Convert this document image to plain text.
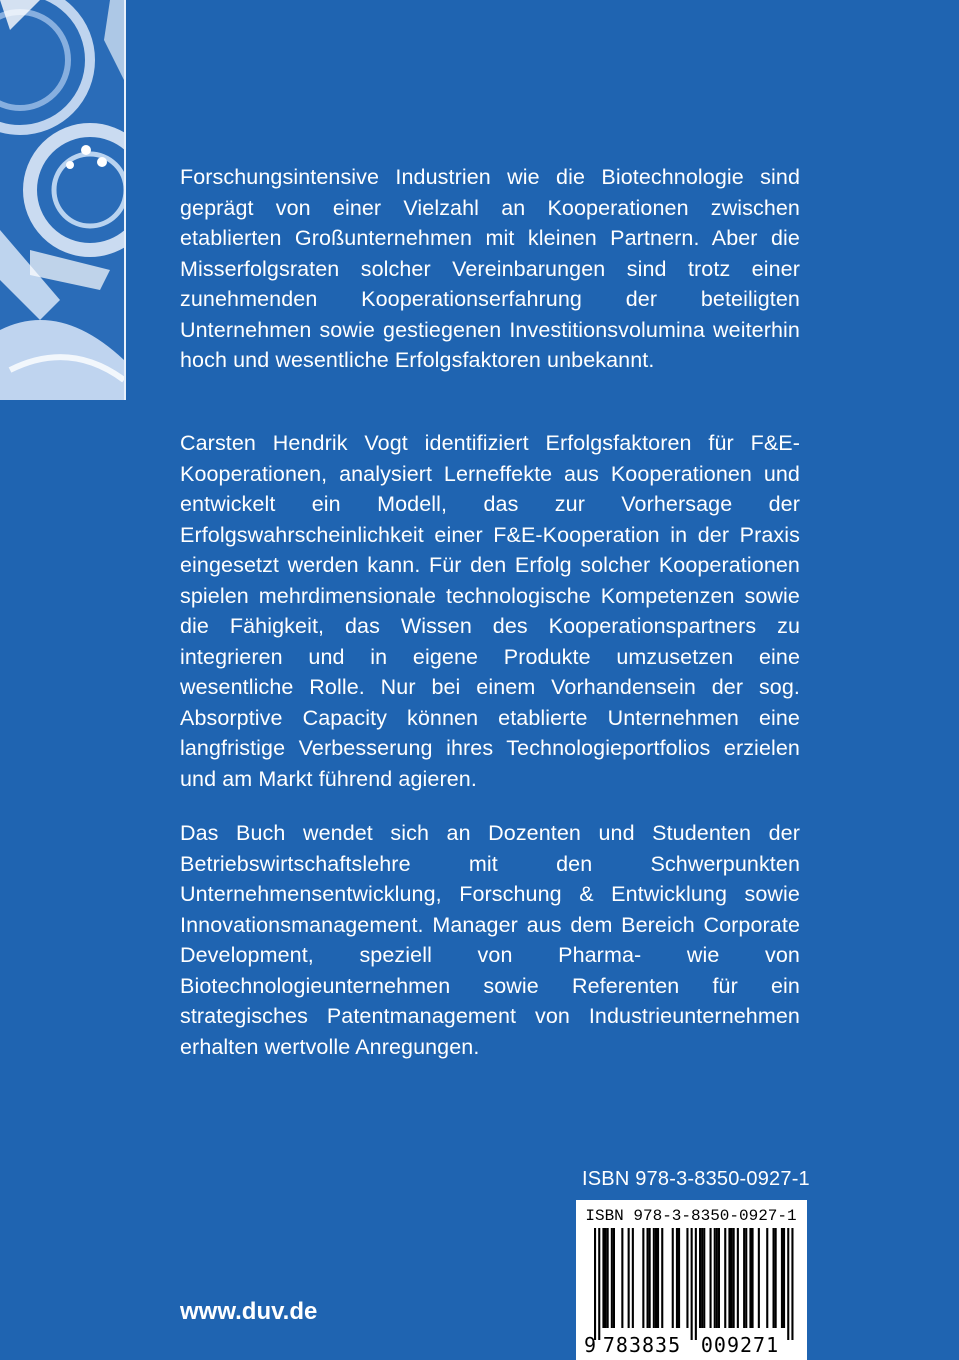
Forschungsintensive Industrien wie die Biotechnologie sind geprägt von einer Vielzahl an Kooperationen zwischen etablierten Großunternehmen mit kleinen Partnern. Aber die Misserfolgsraten solcher Vereinbarungen sind trotz einer zunehmenden Kooperationserfahrung der beteiligten Unternehmen sowie gestiegenen Investitionsvolumina weiterhin hoch und wesentliche Erfolgsfaktoren unbekannt.

Carsten Hendrik Vogt identifiziert Erfolgsfaktoren für F&E-Kooperationen, analysiert Lerneffekte aus Kooperationen und entwickelt ein Modell, das zur Vorhersage der Erfolgswahrscheinlichkeit einer F&E-Kooperation in der Praxis eingesetzt werden kann. Für den Erfolg solcher Kooperationen spielen mehrdimensionale technologische Kompetenzen sowie die Fähigkeit, das Wissen des Kooperationspartners zu integrieren und in eigene Produkte umzusetzen eine wesentliche Rolle. Nur bei einem Vorhandensein der sog. Absorptive Capacity können etablierte Unternehmen eine langfristige Verbesserung ihres Technologieportfolios erzielen und am Markt führend agieren.

Das Buch wendet sich an Dozenten und Studenten der Betriebswirtschaftslehre mit den Schwerpunkten Unternehmensentwicklung, Forschung & Entwicklung sowie Innovationsmanagement. Manager aus dem Bereich Corporate Development, speziell von Pharma- wie von Biotechnologieunternehmen sowie Referenten für ein strategisches Patentmanagement von Industrieunternehmen erhalten wertvolle Anregungen.

ISBN 978-3-8350-0927-1
ISBN 978-3-8350-0927-1
9 783835 009271
www.duv.de
